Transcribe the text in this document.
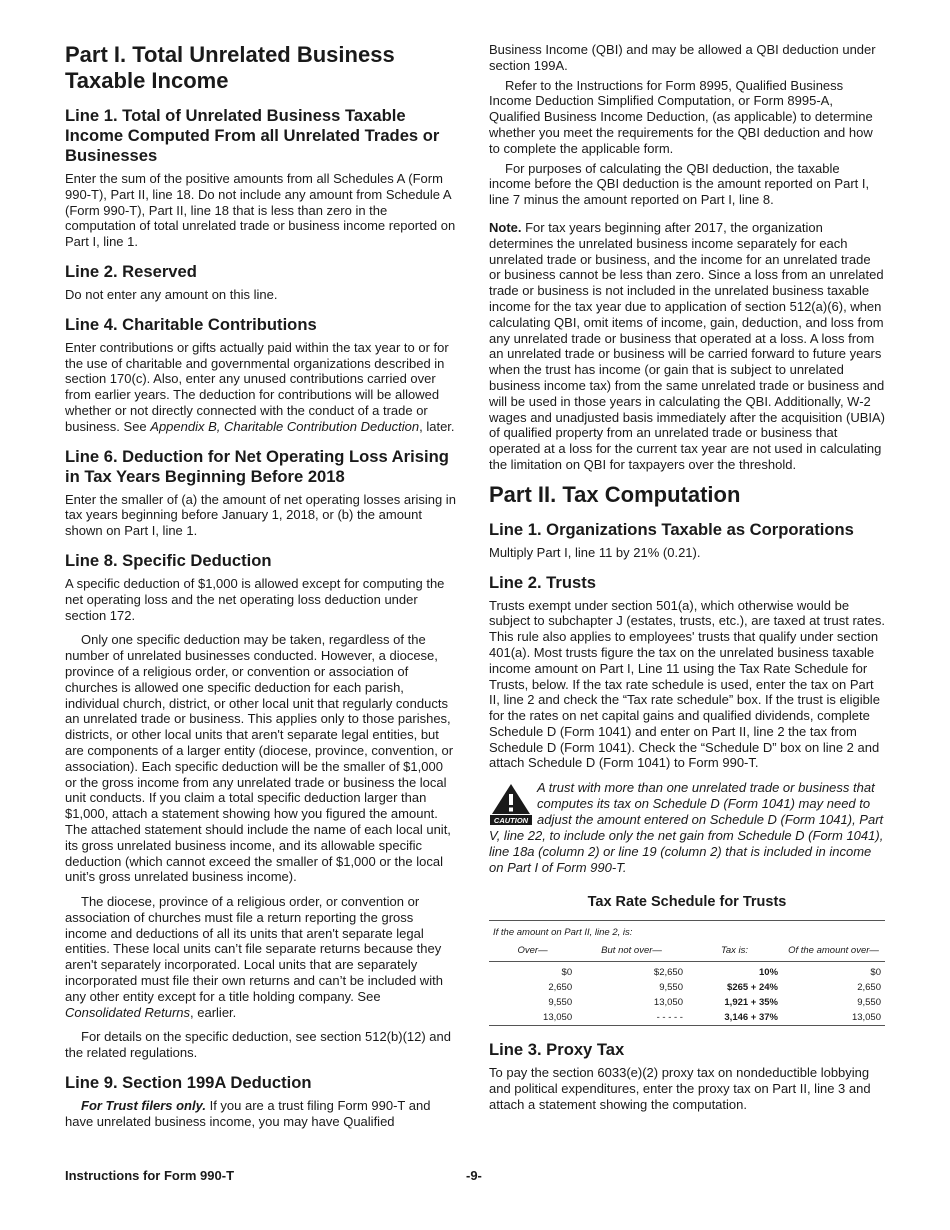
Part I. Total Unrelated Business Taxable Income
Line 1. Total of Unrelated Business Taxable Income Computed From all Unrelated Trades or Businesses

Enter the sum of the positive amounts from all Schedules A (Form 990-T), Part II, line 18. Do not include any amount from Schedule A (Form 990-T), Part II, line 18 that is less than zero in the computation of total unrelated trade or business income reported on Part I, line 1.

Line 2. Reserved

Do not enter any amount on this line.

Line 4. Charitable Contributions

Enter contributions or gifts actually paid within the tax year to or for the use of charitable and governmental organizations described in section 170(c). Also, enter any unused contributions carried over from earlier years. The deduction for contributions will be allowed whether or not directly connected with the conduct of a trade or business. See Appendix B, Charitable Contribution Deduction, later.

Line 6. Deduction for Net Operating Loss Arising in Tax Years Beginning Before 2018

Enter the smaller of (a) the amount of net operating losses arising in tax years beginning before January 1, 2018, or (b) the amount shown on Part I, line 1.

Line 8. Specific Deduction

A specific deduction of $1,000 is allowed except for computing the net operating loss and the net operating loss deduction under section 172.

Only one specific deduction may be taken, regardless of the number of unrelated businesses conducted. However, a diocese, province of a religious order, or convention or association of churches is allowed one specific deduction for each parish, individual church, district, or other local unit that regularly conducts an unrelated trade or business. This applies only to those parishes, districts, or other local units that aren't separate legal entities, but are components of a larger entity (diocese, province, convention, or association). Each specific deduction will be the smaller of $1,000 or the gross income from any unrelated trade or business the local unit conducts. If you claim a total specific deduction larger than $1,000, attach a statement showing how you figured the amount. The attached statement should include the name of each local unit, its gross unrelated business income, and its allowable specific deduction (which cannot exceed the smaller of $1,000 or the local unit’s gross unrelated business income).

The diocese, province of a religious order, or convention or association of churches must file a return reporting the gross income and deductions of all its units that aren't separate legal entities. These local units can’t file separate returns because they aren't separately incorporated. Local units that are separately incorporated must file their own returns and can’t be included with any other entity except for a title holding company. See Consolidated Returns, earlier.

For details on the specific deduction, see section 512(b)(12) and the related regulations.

Line 9. Section 199A Deduction

For Trust filers only. If you are a trust filing Form 990-T and have unrelated business income, you may have Qualified

Business Income (QBI) and may be allowed a QBI deduction under section 199A.

Refer to the Instructions for Form 8995, Qualified Business Income Deduction Simplified Computation, or Form 8995-A, Qualified Business Income Deduction, (as applicable) to determine whether you meet the requirements for the QBI deduction and how to complete the applicable form.

For purposes of calculating the QBI deduction, the taxable income before the QBI deduction is the amount reported on Part I, line 7 minus the amount reported on Part I, line 8.

Note. For tax years beginning after 2017, the organization determines the unrelated business income separately for each unrelated trade or business, and the income for an unrelated trade or business cannot be less than zero. Since a loss from an unrelated trade or business is not included in the unrelated business taxable income for the tax year due to application of section 512(a)(6), when calculating QBI, omit items of income, gain, deduction, and loss from any unrelated trade or business that operated at a loss. A loss from an unrelated trade or business will be carried forward to future years when the trust has income (or gain that is subject to unrelated business income tax) from the same unrelated trade or business and will be used in those years in calculating the QBI. Additionally, W-2 wages and unadjusted basis immediately after the acquisition (UBIA) of qualified property from an unrelated trade or business that operated at a loss for the current tax year are not used in calculating the limitation on QBI for taxpayers over the threshold.

Part II. Tax Computation
Line 1. Organizations Taxable as Corporations

Multiply Part I, line 11 by 21% (0.21).

Line 2. Trusts

Trusts exempt under section 501(a), which otherwise would be subject to subchapter J (estates, trusts, etc.), are taxed at trust rates. This rule also applies to employees' trusts that qualify under section 401(a). Most trusts figure the tax on the unrelated business taxable income amount on Part I, Line 11 using the Tax Rate Schedule for Trusts, below. If the tax rate schedule is used, enter the tax on Part II, line 2 and check the “Tax rate schedule” box. If the trust is eligible for the rates on net capital gains and qualified dividends, complete Schedule D (Form 1041) and enter on Part II, line 2 the tax from Schedule D (Form 1041). Check the “Schedule D” box on line 2 and attach Schedule D (Form 1041) to Form 990-T.

CAUTION
A trust with more than one unrelated trade or business that computes its tax on Schedule D (Form 1041) may need to adjust the amount entered on Schedule D (Form 1041), Part V, line 22, to include only the net gain from Schedule D (Form 1041), line 18a (column 2) or line 19 (column 2) that is included in income on Part I of Form 990-T.
Tax Rate Schedule for Trusts
If the amount on Part II, line 2, is:			
Over—	But not over—	Tax is:	Of the amount over—

$0	$2,650	10%	$0
2,650	9,550	$265 + 24%	2,650
9,550	13,050	1,921 + 35%	9,550
13,050	- - - - -	3,146 + 37%	13,050
Line 3. Proxy Tax

To pay the section 6033(e)(2) proxy tax on nondeductible lobbying and political expenditures, enter the proxy tax on Part II, line 3 and attach a statement showing the computation.

Instructions for Form 990-T	-9-
